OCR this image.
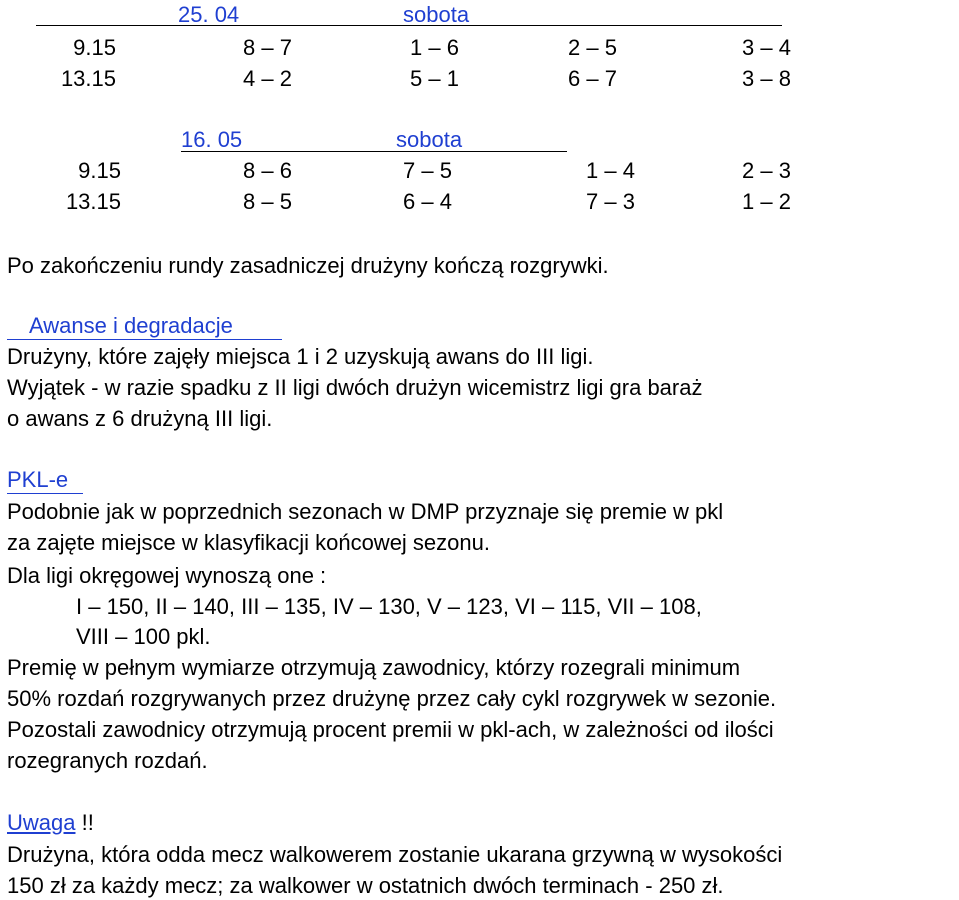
25. 04	sobota
9.15	8 – 7	1 – 6	2 – 5	3 – 4
13.15	4 – 2	5 – 1	6 – 7	3 – 8
16. 05	sobota
9.15	8 – 6	7 – 5	1 – 4	2 – 3
13.15	8 – 5	6 – 4	7 – 3	1 – 2
Po zakończeniu rundy zasadniczej drużyny kończą rozgrywki.
Awanse i degradacje
Drużyny, które zajęły miejsca 1 i 2 uzyskują awans do III ligi.
Wyjątek - w razie spadku z II ligi dwóch drużyn wicemistrz ligi gra baraż
o awans z 6 drużyną III ligi.
PKL-e
Podobnie jak w poprzednich sezonach w DMP przyznaje się premie w pkl
za zajęte miejsce w klasyfikacji końcowej sezonu.
Dla ligi okręgowej wynoszą one :
I – 150, II – 140, III – 135, IV – 130, V – 123, VI – 115, VII – 108,
VIII – 100 pkl.
Premię w pełnym wymiarze otrzymują zawodnicy, którzy rozegrali minimum
50% rozdań rozgrywanych przez drużynę przez cały cykl rozgrywek w sezonie.
Pozostali zawodnicy otrzymują procent premii w pkl-ach, w zależności od ilości
rozegranych rozdań.
Uwaga !!
Drużyna, która odda mecz walkowerem zostanie ukarana grzywną w wysokości
150 zł za każdy mecz; za walkower w ostatnich dwóch terminach - 250 zł.
